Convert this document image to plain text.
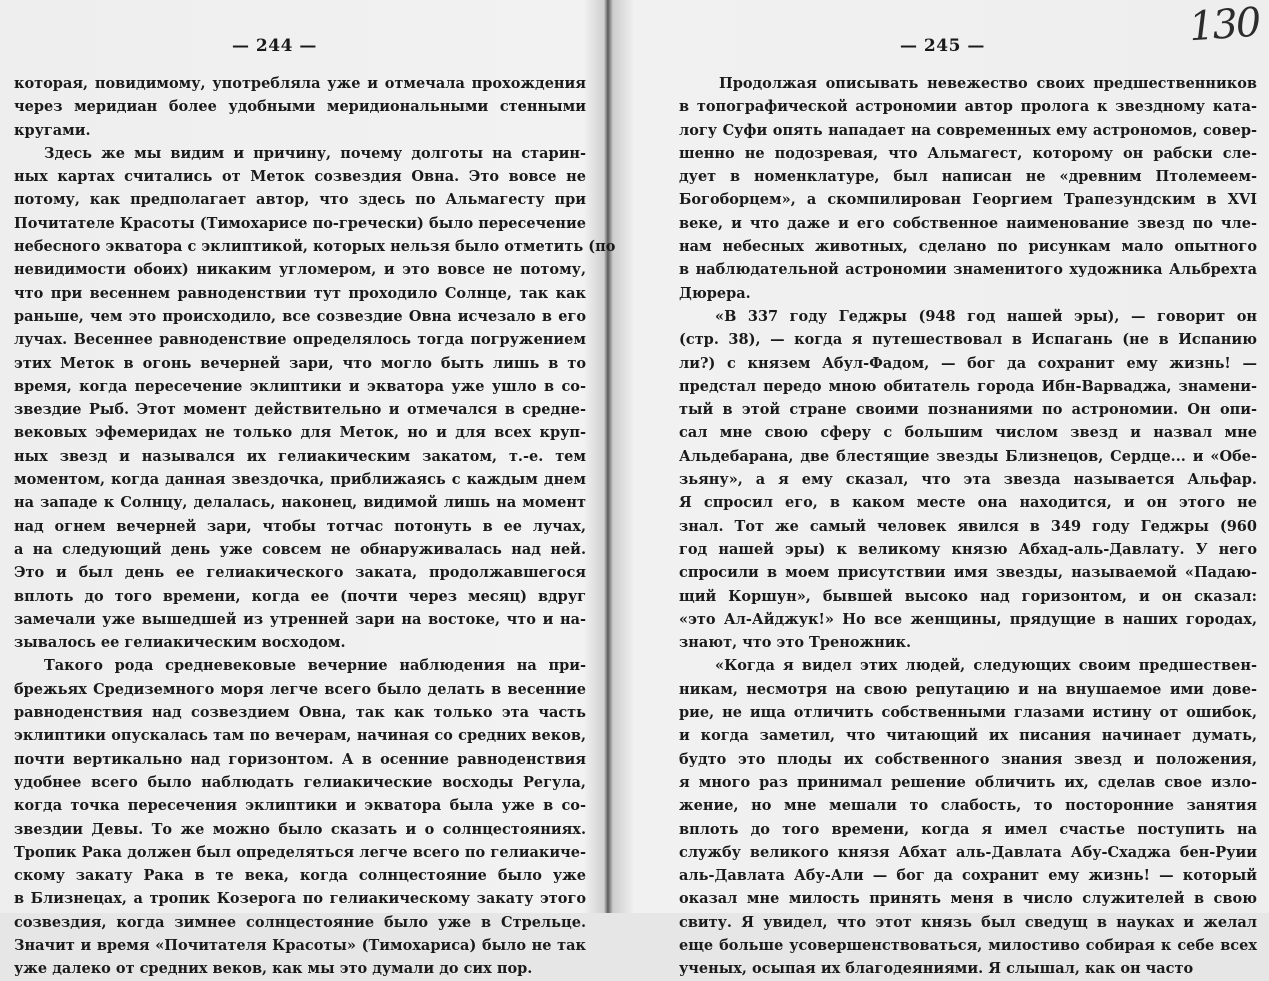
— 244 —
которая, повидимому, употребляла уже и отмечала прохождения
через меридиан более удобными меридиональными стенными
кругами.
Здесь же мы видим и причину, почему долготы на старин-
ных картах считались от Меток созвездия Овна. Это вовсе не
потому, как предполагает автор, что здесь по Альмагесту при
Почитателе Красоты (Тимохарисе по-гречески) было пересечение
небесного экватора с эклиптикой, которых нельзя было отметить (по
невидимости обоих) никаким угломером, и это вовсе не потому,
что при весеннем равноденствии тут проходило Солнце, так как
раньше, чем это происходило, все созвездие Овна исчезало в его
лучах. Весеннее равноденствие определялось тогда погружением
этих Меток в огонь вечерней зари, что могло быть лишь в то
время, когда пересечение эклиптики и экватора уже ушло в со-
звездие Рыб. Этот момент действительно и отмечался в средне-
вековых эфемеридах не только для Меток, но и для всех круп-
ных звезд и назывался их гелиакическим закатом, т.-е. тем
моментом, когда данная звездочка, приближаясь с каждым днем
на западе к Солнцу, делалась, наконец, видимой лишь на момент
над огнем вечерней зари, чтобы тотчас потонуть в ее лучах,
а на следующий день уже совсем не обнаруживалась над ней.
Это и был день ее гелиакического заката, продолжавшегося
вплоть до того времени, когда ее (почти через месяц) вдруг
замечали уже вышедшей из утренней зари на востоке, что и на-
зывалось ее гелиакическим восходом.
Такого рода средневековые вечерние наблюдения на при-
брежьях Средиземного моря легче всего было делать в весенние
равноденствия над созвездием Овна, так как только эта часть
эклиптики опускалась там по вечерам, начиная со средних веков,
почти вертикально над горизонтом. А в осенние равноденствия
удобнее всего было наблюдать гелиакические восходы Регула,
когда точка пересечения эклиптики и экватора была уже в со-
звездии Девы. То же можно было сказать и о солнцестояниях.
Тропик Рака должен был определяться легче всего по гелиакиче-
скому закату Рака в те века, когда солнцестояние было уже
в Близнецах, а тропик Козерога по гелиакическому закату этого
созвездия, когда зимнее солнцестояние было уже в Стрельце.
Значит и время «Почитателя Красоты» (Тимохариса) было не так
уже далеко от средних веков, как мы это думали до сих пор.
— 245 —	130
Продолжая описывать невежество своих предшественников
в топографической астрономии автор пролога к звездному ката-
логу Суфи опять нападает на современных ему астрономов, совер-
шенно не подозревая, что Альмагест, которому он рабски сле-
дует в номенклатуре, был написан не «древним Птолемеем-
Богоборцем», а скомпилирован Георгием Трапезундским в XVI
веке, и что даже и его собственное наименование звезд по чле-
нам небесных животных, сделано по рисункам мало опытного
в наблюдательной астрономии знаменитого художника Альбрехта
Дюрера.
«В 337 году Геджры (948 год нашей эры), — говорит он
(стр. 38), — когда я путешествовал в Испагань (не в Испанию
ли?) с князем Абул-Фадом, — бог да сохранит ему жизнь! —
предстал передо мною обитатель города Ибн-Варваджа, знамени-
тый в этой стране своими познаниями по астрономии. Он опи-
сал мне свою сферу с большим числом звезд и назвал мне
Альдебарана, две блестящие звезды Близнецов, Сердце... и «Обе-
зьяну», а я ему сказал, что эта звезда называется Альфар.
Я спросил его, в каком месте она находится, и он этого не
знал. Тот же самый человек явился в 349 году Геджры (960
год нашей эры) к великому князю Абхад-аль-Давлату. У него
спросили в моем присутствии имя звезды, называемой «Падаю-
щий Коршун», бывшей высоко над горизонтом, и он сказал:
«это Ал-Айджук!» Но все женщины, прядущие в наших городах,
знают, что это Треножник.
«Когда я видел этих людей, следующих своим предшествен-
никам, несмотря на свою репутацию и на внушаемое ими дове-
рие, не ища отличить собственными глазами истину от ошибок,
и когда заметил, что читающий их писания начинает думать,
будто это плоды их собственного знания звезд и положения,
я много раз принимал решение обличить их, сделав свое изло-
жение, но мне мешали то слабость, то посторонние занятия
вплоть до того времени, когда я имел счастье поступить на
службу великого князя Абхат аль-Давлата Абу-Схаджа бен-Руии
аль-Давлата Абу-Али — бог да сохранит ему жизнь! — который
оказал мне милость принять меня в число служителей в свою
свиту. Я увидел, что этот князь был сведущ в науках и желал
еще больше усовершенствоваться, милостиво собирая к себе всех
ученых, осыпая их благодеяниями. Я слышал, как он часто
